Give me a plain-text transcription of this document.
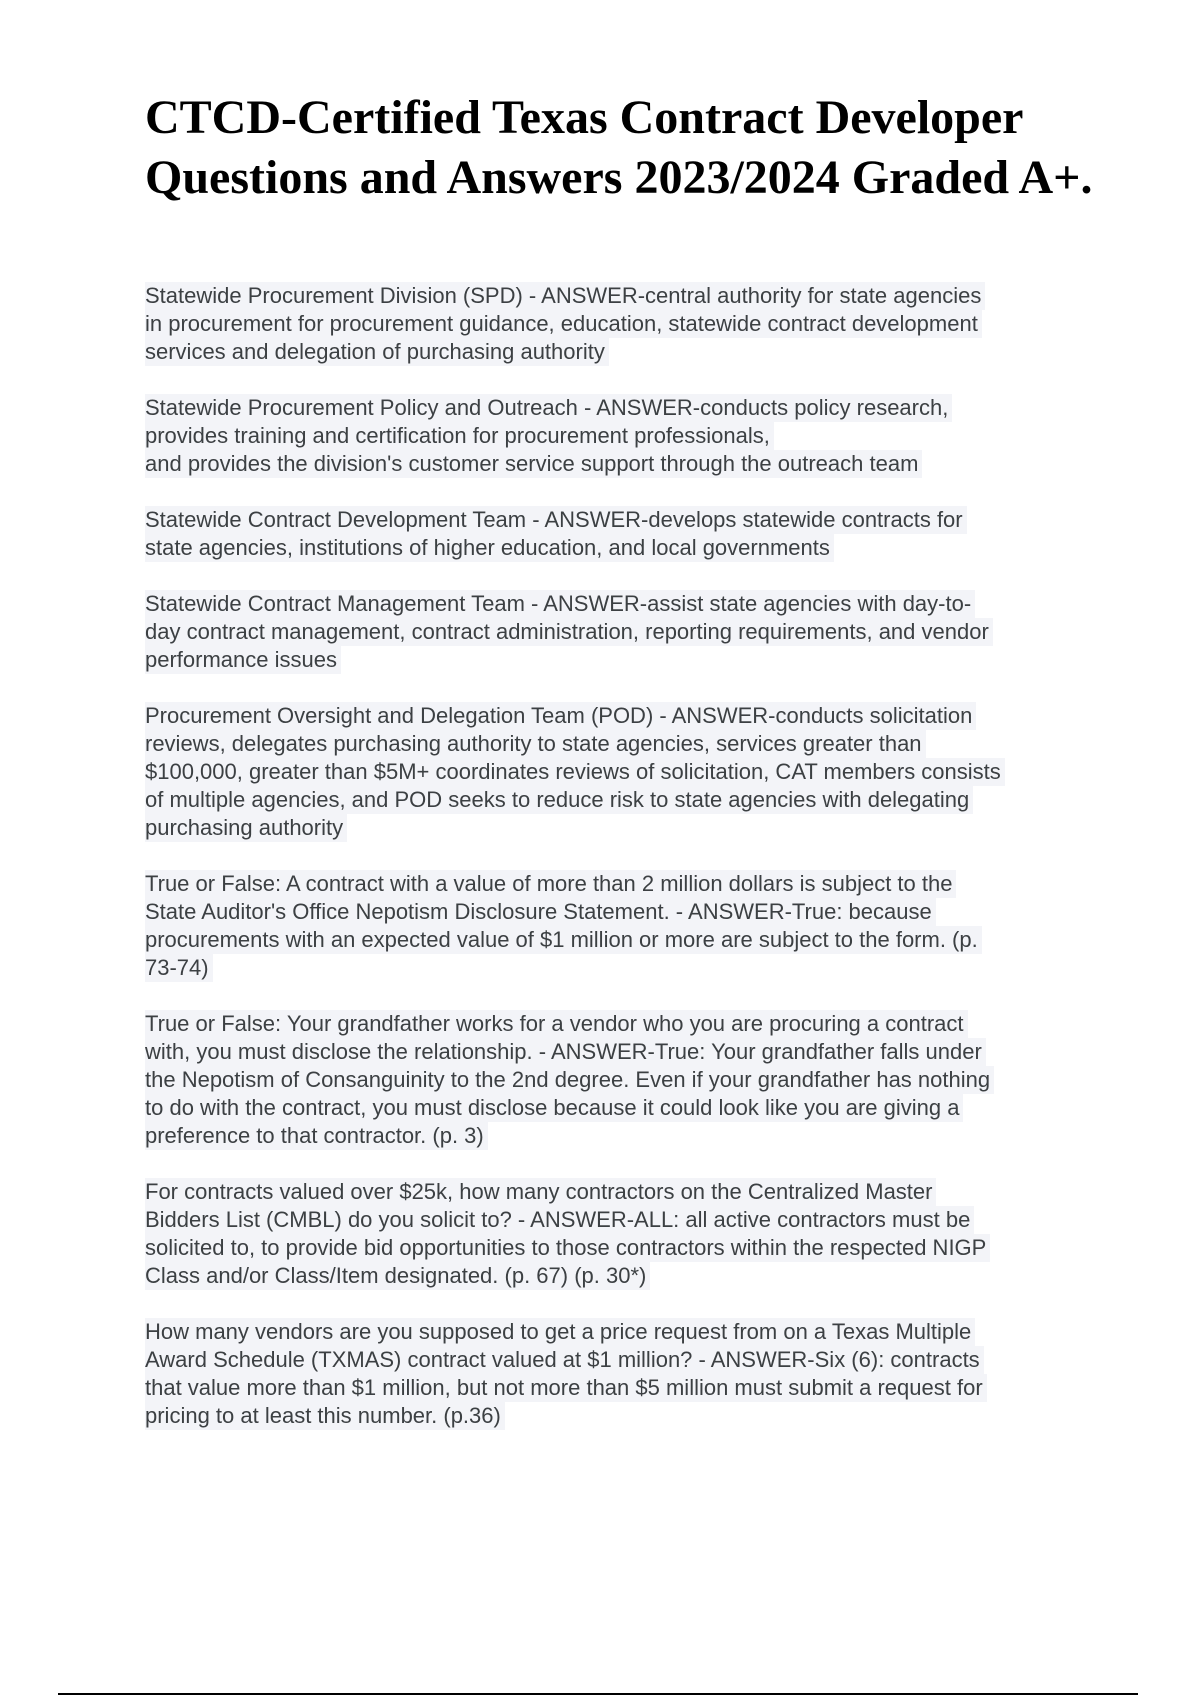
CTCD-Certified Texas Contract Developer
Questions and Answers 2023/2024 Graded A+.
Statewide Procurement Division (SPD) - ANSWER-central authority for state agencies
in procurement for procurement guidance, education, statewide contract development
services and delegation of purchasing authority
Statewide Procurement Policy and Outreach - ANSWER-conducts policy research,
provides training and certification for procurement professionals,
and provides the division's customer service support through the outreach team
Statewide Contract Development Team - ANSWER-develops statewide contracts for
state agencies, institutions of higher education, and local governments
Statewide Contract Management Team - ANSWER-assist state agencies with day-to-
day contract management, contract administration, reporting requirements, and vendor
performance issues
Procurement Oversight and Delegation Team (POD) - ANSWER-conducts solicitation
reviews, delegates purchasing authority to state agencies, services greater than
$100,000, greater than $5M+ coordinates reviews of solicitation, CAT members consists
of multiple agencies, and POD seeks to reduce risk to state agencies with delegating
purchasing authority
True or False: A contract with a value of more than 2 million dollars is subject to the
State Auditor's Office Nepotism Disclosure Statement. - ANSWER-True: because
procurements with an expected value of $1 million or more are subject to the form. (p.
73-74)
True or False: Your grandfather works for a vendor who you are procuring a contract
with, you must disclose the relationship. - ANSWER-True: Your grandfather falls under
the Nepotism of Consanguinity to the 2nd degree. Even if your grandfather has nothing
to do with the contract, you must disclose because it could look like you are giving a
preference to that contractor. (p. 3)
For contracts valued over $25k, how many contractors on the Centralized Master
Bidders List (CMBL) do you solicit to? - ANSWER-ALL: all active contractors must be
solicited to, to provide bid opportunities to those contractors within the respected NIGP
Class and/or Class/Item designated. (p. 67) (p. 30*)
How many vendors are you supposed to get a price request from on a Texas Multiple
Award Schedule (TXMAS) contract valued at $1 million? - ANSWER-Six (6): contracts
that value more than $1 million, but not more than $5 million must submit a request for
pricing to at least this number. (p.36)
